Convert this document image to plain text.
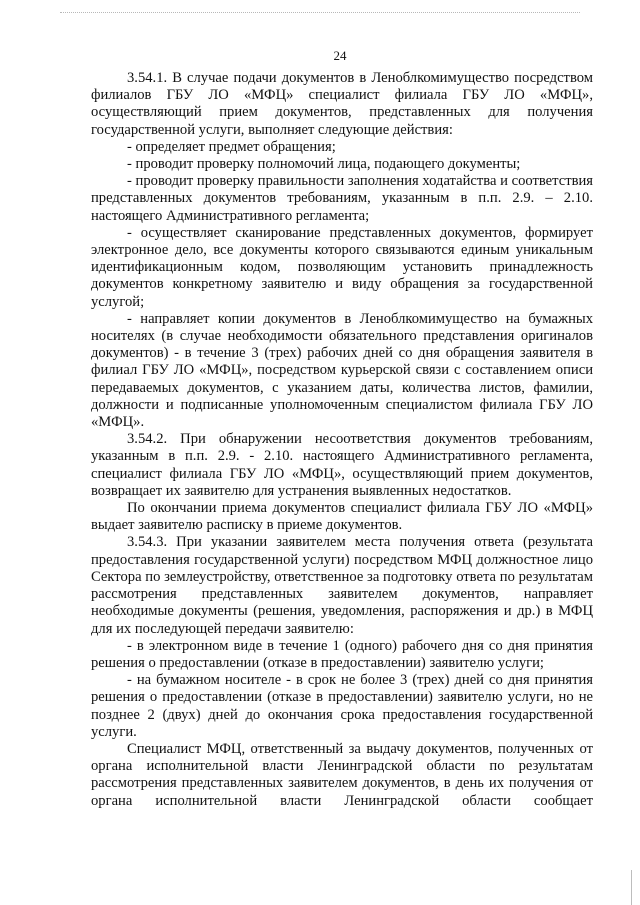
24

3.54.1. В случае подачи документов в Леноблкомимущество посредством филиалов ГБУ ЛО «МФЦ» специалист филиала ГБУ ЛО «МФЦ», осуществляющий прием документов, представленных для получения государственной услуги, выполняет следующие действия:

- определяет предмет обращения;

- проводит проверку полномочий лица, подающего документы;

- проводит проверку правильности заполнения ходатайства и соответствия представленных документов требованиям, указанным в п.п. 2.9. – 2.10. настоящего Административного регламента;

- осуществляет сканирование представленных документов, формирует электронное дело, все документы которого связываются единым уникальным идентификационным кодом, позволяющим установить принадлежность документов конкретному заявителю и виду обращения за государственной услугой;

- направляет копии документов в Леноблкомимущество на бумажных носителях (в случае необходимости обязательного представления оригиналов документов) - в течение 3 (трех) рабочих дней со дня обращения заявителя в филиал ГБУ ЛО «МФЦ», посредством курьерской связи с составлением описи передаваемых документов, с указанием даты, количества листов, фамилии, должности и подписанные уполномоченным специалистом филиала ГБУ ЛО «МФЦ».

3.54.2. При обнаружении несоответствия документов требованиям, указанным в п.п. 2.9. - 2.10. настоящего Административного регламента, специалист филиала ГБУ ЛО «МФЦ», осуществляющий прием документов, возвращает их заявителю для устранения выявленных недостатков.

По окончании приема документов специалист филиала ГБУ ЛО «МФЦ» выдает заявителю расписку в приеме документов.

3.54.3. При указании заявителем места получения ответа (результата предоставления государственной услуги) посредством МФЦ должностное лицо Сектора по землеустройству, ответственное за подготовку ответа по результатам рассмотрения представленных заявителем документов, направляет необходимые документы (решения, уведомления, распоряжения и др.) в МФЦ для их последующей передачи заявителю:

- в электронном виде в течение 1 (одного) рабочего дня со дня принятия решения о предоставлении (отказе в предоставлении) заявителю услуги;

- на бумажном носителе - в срок не более 3 (трех) дней со дня принятия решения о предоставлении (отказе в предоставлении) заявителю услуги, но не позднее 2 (двух) дней до окончания срока предоставления государственной услуги.

Специалист МФЦ, ответственный за выдачу документов, полученных от органа исполнительной власти Ленинградской области по результатам рассмотрения представленных заявителем документов, в день их получения от органа исполнительной власти Ленинградской области сообщает
